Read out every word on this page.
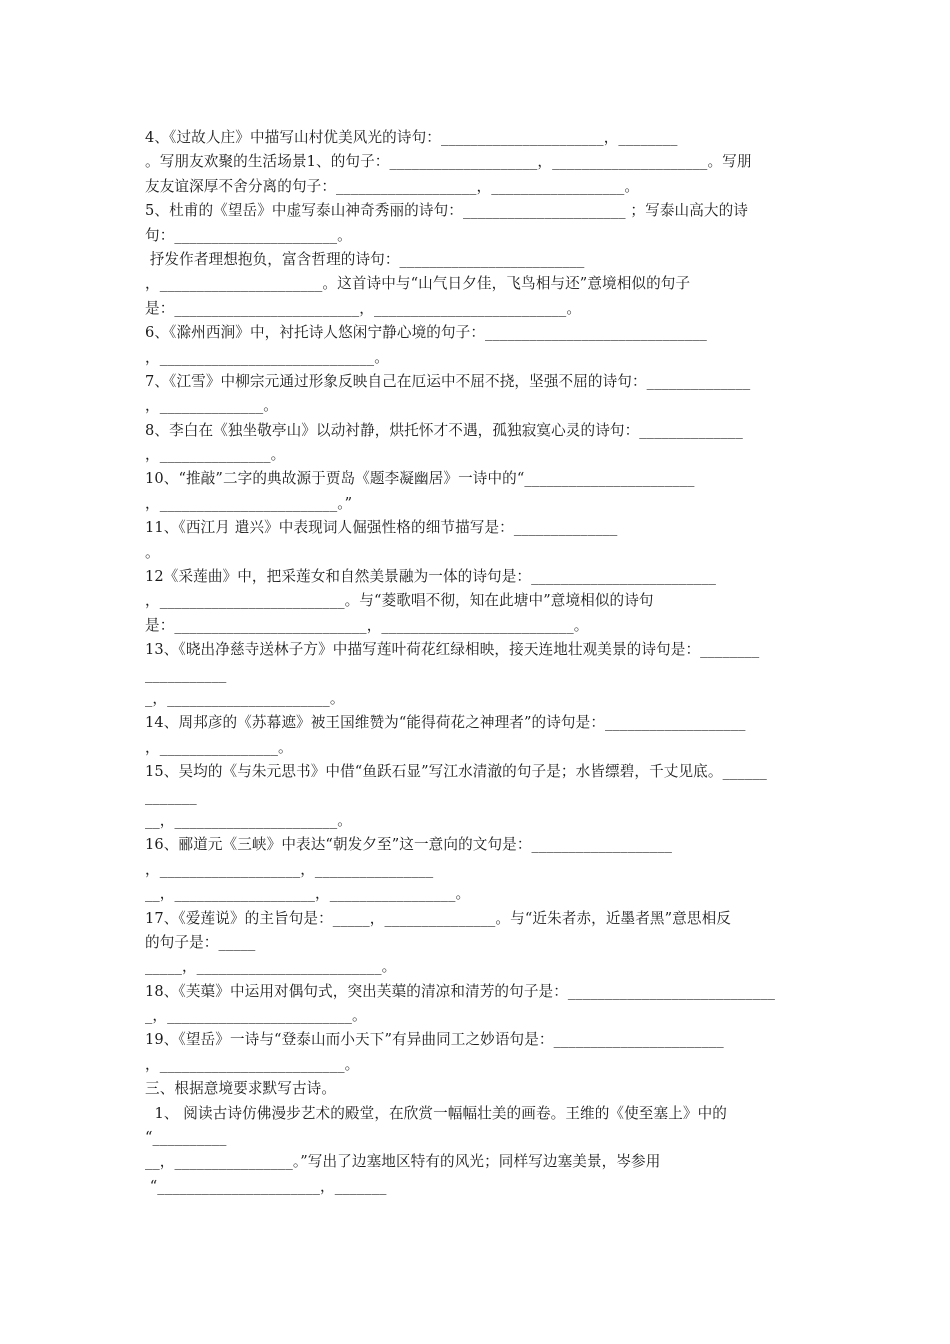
4、《过故人庄》中描写山村优美风光的诗句：______________________，________
。写朋友欢聚的生活场景1、的句子：____________________，_____________________。写朋
友友谊深厚不舍分离的句子：___________________，__________________。
5、杜甫的《望岳》中虚写泰山神奇秀丽的诗句：______________________ ；写泰山高大的诗
句：______________________。
抒发作者理想抱负，富含哲理的诗句：_________________________
，______________________。这首诗中与“山气日夕佳，飞鸟相与还”意境相似的句子
是：_________________________，__________________________。
6、《滁州西涧》中，衬托诗人悠闲宁静心境的句子：______________________________
，_____________________________。
7、《江雪》中柳宗元通过形象反映自己在厄运中不屈不挠，坚强不屈的诗句：______________
，______________。
8、李白在《独坐敬亭山》以动衬静，烘托怀才不遇，孤独寂寞心灵的诗句：______________
，_______________。
10、“推敲”二字的典故源于贾岛《题李凝幽居》一诗中的“_______________________
，________________________。”
11、《西江月 遣兴》中表现词人倔强性格的细节描写是：______________
。
12《采莲曲》中，把采莲女和自然美景融为一体的诗句是：_________________________
，_________________________。与“菱歌唱不彻，知在此塘中”意境相似的诗句
是：__________________________，__________________________。
13、《晓出净慈寺送林子方》中描写莲叶荷花红绿相映，接天连地壮观美景的诗句是：________
___________
_，______________________。
14、周邦彦的《苏幕遮》被王国维赞为“能得荷花之神理者”的诗句是：___________________
，________________。
15、吴均的《与朱元思书》中借“鱼跃石显”写江水清澈的句子是；水皆缥碧，千丈见底。______
_______
__，______________________。
16、郦道元《三峡》中表达“朝发夕至”这一意向的文句是：___________________
，___________________，________________
__，___________________，_________________。
17、《爱莲说》的主旨句是：_____，_______________。与“近朱者赤，近墨者黑”意思相反
的句子是：_____
_____，_________________________。
18、《芙蕖》中运用对偶句式，突出芙蕖的清凉和清芳的句子是：____________________________
_，_________________________。
19、《望岳》一诗与“登泰山而小天下”有异曲同工之妙语句是：_______________________
，_________________________。
三、根据意境要求默写古诗。
1、 阅读古诗仿佛漫步艺术的殿堂，在欣赏一幅幅壮美的画卷。王维的《使至塞上》中的
“__________
__，________________。”写出了边塞地区特有的风光；同样写边塞美景，岑参用
“______________________，_______
